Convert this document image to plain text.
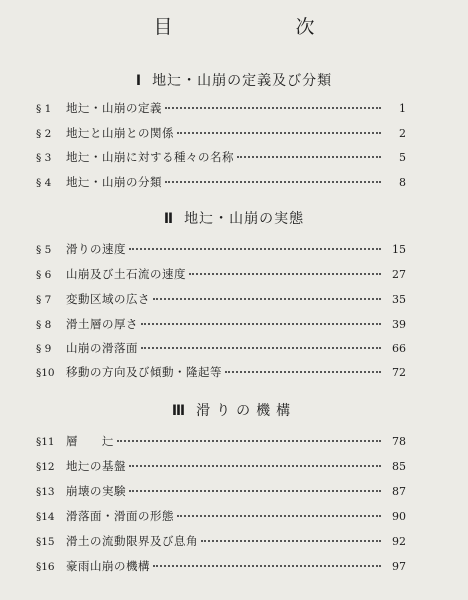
目　次
Ⅰ 地辷・山崩の定義及び分類
§ 1	地辷・山崩の定義	1
§ 2	地辷と山崩との関係	2
§ 3	地辷・山崩に対する種々の名称	5
§ 4	地辷・山崩の分類	8
Ⅱ 地辷・山崩の実態
§ 5	滑りの速度	15
§ 6	山崩及び土石流の速度	27
§ 7	変動区域の広さ	35
§ 8	滑土層の厚さ	39
§ 9	山崩の滑落面	66
§10 移動の方向及び傾動・隆起等	72
Ⅲ 滑りの機構
§11 層　　辷	78
§12 地辷の基盤	85
§13 崩壊の実験	87
§14 滑落面・滑面の形態	90
§15 滑土の流動限界及び息角	92
§16 豪雨山崩の機構	97
